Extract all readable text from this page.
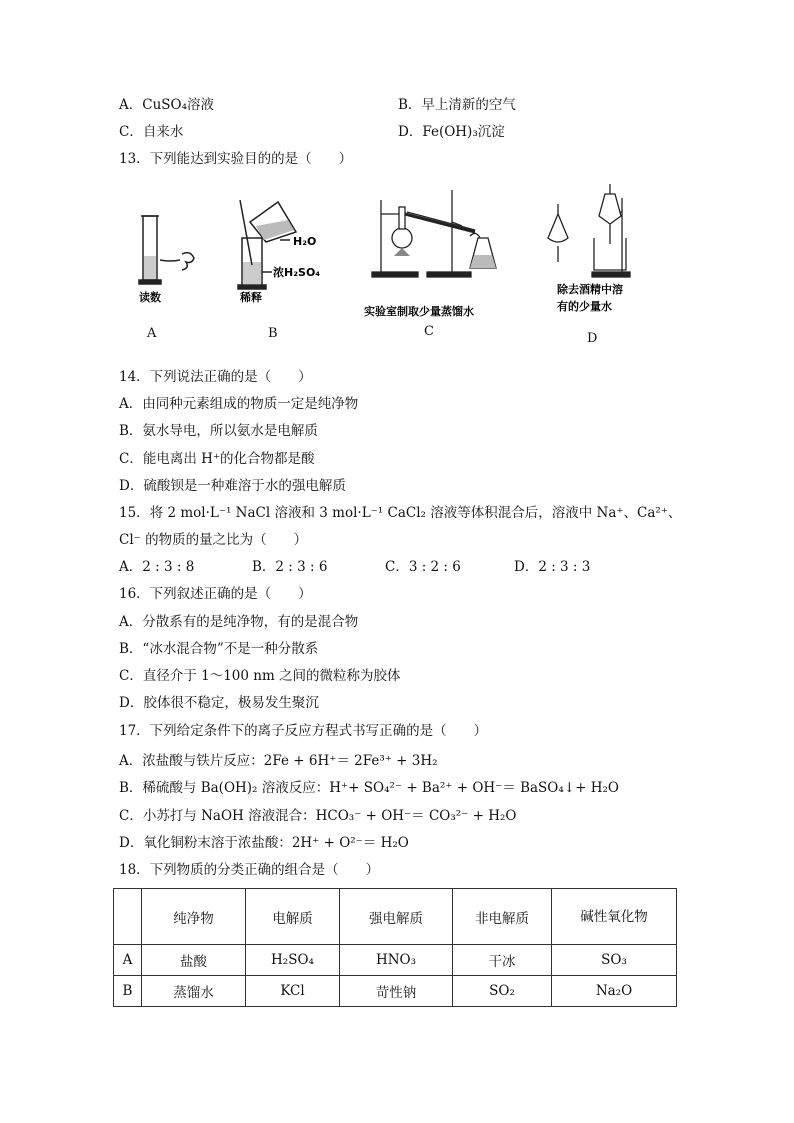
A．CuSO₄溶液	B．早上清新的空气
C．自来水	D．Fe(OH)₃沉淀
13．下列能达到实验目的的是（　　）
H₂O
浓H₂SO₄
实验室制取少量蒸馏水
除去酒精中溶
有的少量水
读数	稀释
A	B	C	D
14．下列说法正确的是（　　）
A．由同种元素组成的物质一定是纯净物
B．氨水导电，所以氨水是电解质
C．能电离出 H⁺的化合物都是酸
D．硫酸钡是一种难溶于水的强电解质
15．将 2 mol·L⁻¹ NaCl 溶液和 3 mol·L⁻¹ CaCl₂ 溶液等体积混合后，溶液中 Na⁺、Ca²⁺、
Cl⁻ 的物质的量之比为（　　）
A．2 : 3 : 8	B．2 : 3 : 6	C．3 : 2 : 6	D．2 : 3 : 3
16．下列叙述正确的是（　　）
A．分散系有的是纯净物，有的是混合物
B．“冰水混合物”不是一种分散系
C．直径介于 1～100 nm 之间的微粒称为胶体
D．胶体很不稳定，极易发生聚沉
17．下列给定条件下的离子反应方程式书写正确的是（　　）
A．浓盐酸与铁片反应：2Fe + 6H⁺＝ 2Fe³⁺ + 3H₂
B．稀硫酸与 Ba(OH)₂ 溶液反应：H⁺+ SO₄²⁻ + Ba²⁺ + OH⁻＝ BaSO₄↓+ H₂O
C．小苏打与 NaOH 溶液混合：HCO₃⁻ + OH⁻＝ CO₃²⁻ + H₂O
D．氧化铜粉末溶于浓盐酸：2H⁺ + O²⁻＝ H₂O
18．下列物质的分类正确的组合是（　　）
	纯净物	电解质	强电解质	非电解质	碱性氧化物
A	盐酸	H₂SO₄	HNO₃	干冰	SO₃
B	蒸馏水	KCl	苛性钠	SO₂	Na₂O
